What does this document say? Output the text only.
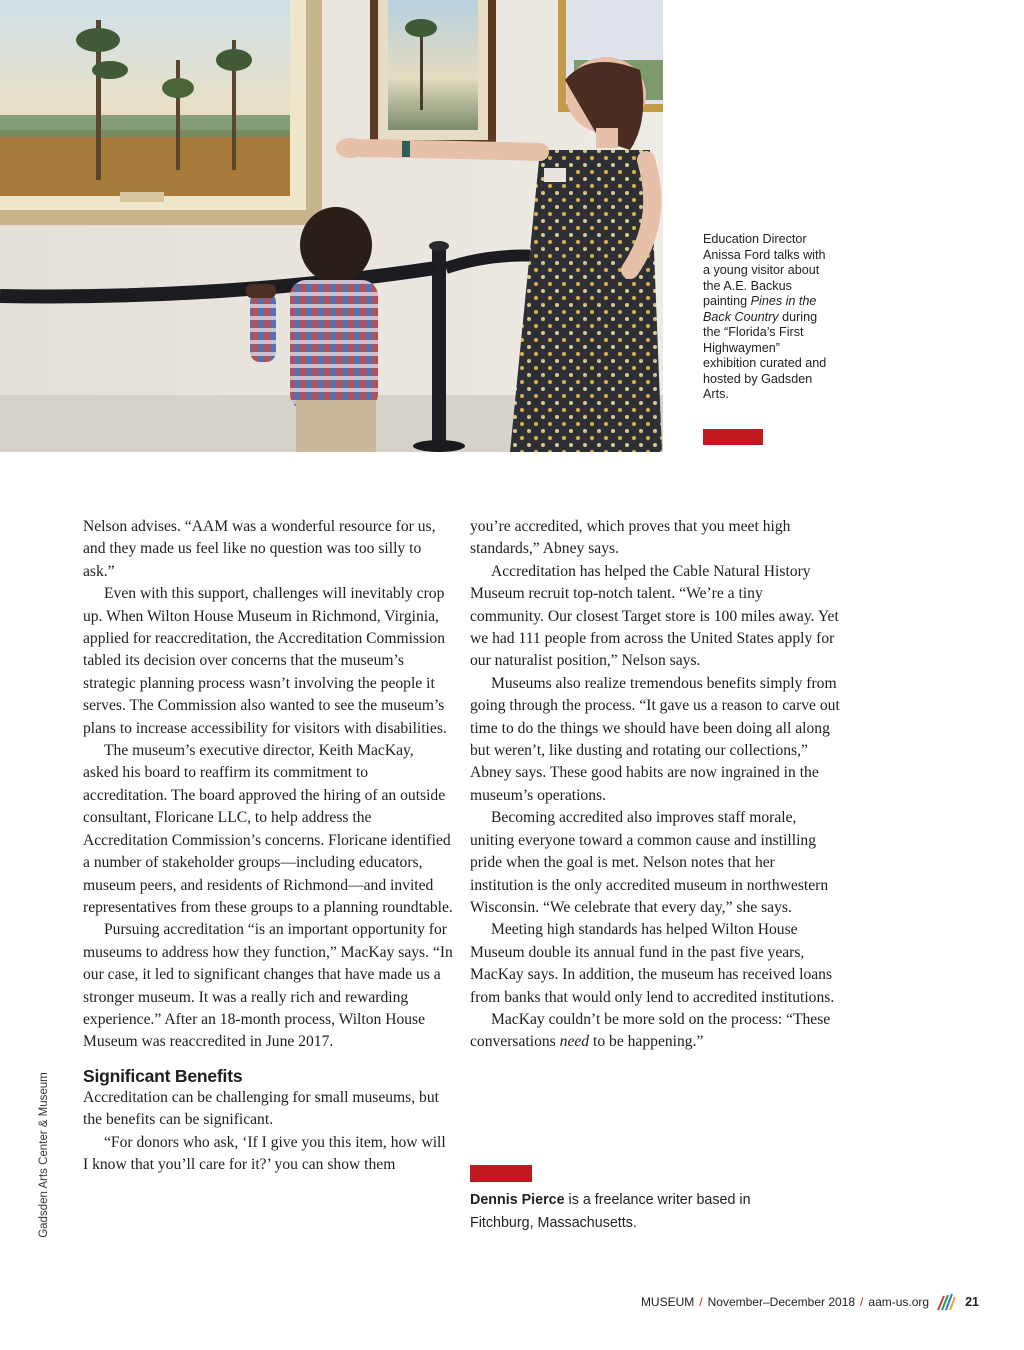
Education Director Anissa Ford talks with a young visitor about the A.E. Backus painting Pines in the Back Country during the “Florida’s First Highwaymen” exhibition curated and hosted by Gadsden Arts.

Nelson advises. “AAM was a wonderful resource for us, and they made us feel like no question was too silly to ask.”

Even with this support, challenges will inevitably crop up. When Wilton House Museum in Richmond, Virginia, applied for reaccreditation, the Accreditation Commission tabled its decision over concerns that the museum’s strategic planning process wasn’t involving the people it serves. The Commission also wanted to see the museum’s plans to increase accessibility for visitors with disabilities.

The museum’s executive director, Keith MacKay, asked his board to reaffirm its commitment to accreditation. The board approved the hiring of an outside consultant, Floricane LLC, to help address the Accreditation Commission’s concerns. Floricane identified a number of stakeholder groups—including educators, museum peers, and residents of Richmond—and invited representatives from these groups to a planning roundtable.

Pursuing accreditation “is an important opportunity for museums to address how they function,” MacKay says. “In our case, it led to significant changes that have made us a stronger museum. It was a really rich and rewarding experience.” After an 18-month process, Wilton House Museum was reaccredited in June 2017.

Significant Benefits

Accreditation can be challenging for small museums, but the benefits can be significant.

“For donors who ask, ‘If I give you this item, how will I know that you’ll care for it?’ you can show them

you’re accredited, which proves that you meet high standards,” Abney says.

Accreditation has helped the Cable Natural History Museum recruit top-notch talent. “We’re a tiny community. Our closest Target store is 100 miles away. Yet we had 111 people from across the United States apply for our naturalist position,” Nelson says.

Museums also realize tremendous benefits simply from going through the process. “It gave us a reason to carve out time to do the things we should have been doing all along but weren’t, like dusting and rotating our collections,” Abney says. These good habits are now ingrained in the museum’s operations.

Becoming accredited also improves staff morale, uniting everyone toward a common cause and instilling pride when the goal is met. Nelson notes that her institution is the only accredited museum in northwestern Wisconsin. “We celebrate that every day,” she says.

Meeting high standards has helped Wilton House Museum double its annual fund in the past five years, MacKay says. In addition, the museum has received loans from banks that would only lend to accredited institutions.

MacKay couldn’t be more sold on the process: “These conversations need to be happening.”

Dennis Pierce is a freelance writer based in Fitchburg, Massachusetts.

Gadsden Arts Center & Museum
MUSEUM / November–December 2018 / aam-us.org	21
